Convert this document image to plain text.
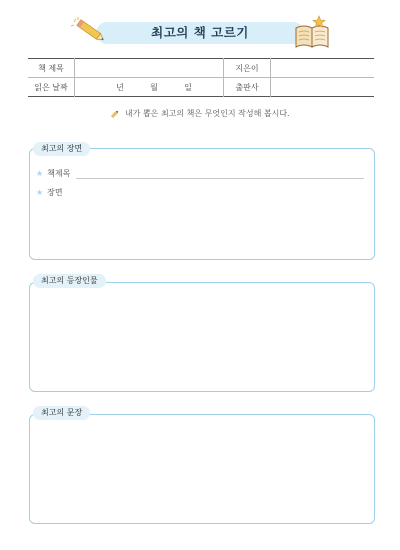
최고의 책 고르기
책 제목		지은이	
읽은 날짜	년 월 일	출판사	
내가 뽑은 최고의 책은 무엇인지 작성해 봅시다.
최고의 장면
★ 책제목
★ 장면
최고의 등장인물
최고의 문장
